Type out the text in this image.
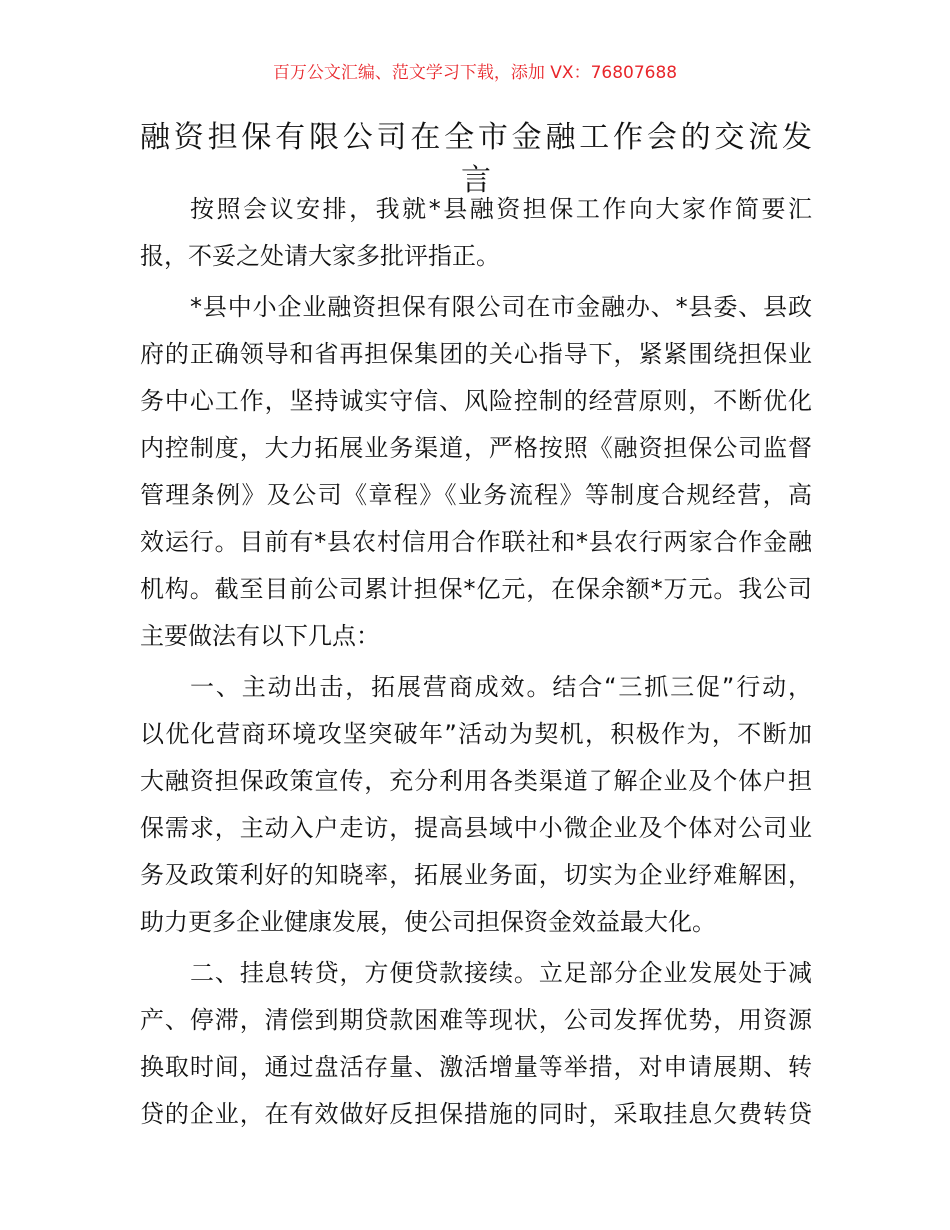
百万公文汇编、范文学习下载，添加 VX：76807688
融资担保有限公司在全市金融工作会的交流发
言
按照会议安排，我就*县融资担保工作向大家作简要汇
报，不妥之处请大家多批评指正。
*县中小企业融资担保有限公司在市金融办、*县委、县政
府的正确领导和省再担保集团的关心指导下，紧紧围绕担保业
务中心工作，坚持诚实守信、风险控制的经营原则，不断优化
内控制度，大力拓展业务渠道，严格按照《融资担保公司监督
管理条例》及公司《章程》《业务流程》等制度合规经营，高
效运行。目前有*县农村信用合作联社和*县农行两家合作金融
机构。截至目前公司累计担保*亿元，在保余额*万元。我公司
主要做法有以下几点：
一、主动出击，拓展营商成效。结合“三抓三促”行动，
以优化营商环境攻坚突破年”活动为契机，积极作为，不断加
大融资担保政策宣传，充分利用各类渠道了解企业及个体户担
保需求，主动入户走访，提高县域中小微企业及个体对公司业
务及政策利好的知晓率，拓展业务面，切实为企业纾难解困，
助力更多企业健康发展，使公司担保资金效益最大化。
二、挂息转贷，方便贷款接续。立足部分企业发展处于减
产、停滞，清偿到期贷款困难等现状，公司发挥优势，用资源
换取时间，通过盘活存量、激活增量等举措，对申请展期、转
贷的企业，在有效做好反担保措施的同时，采取挂息欠费转贷
